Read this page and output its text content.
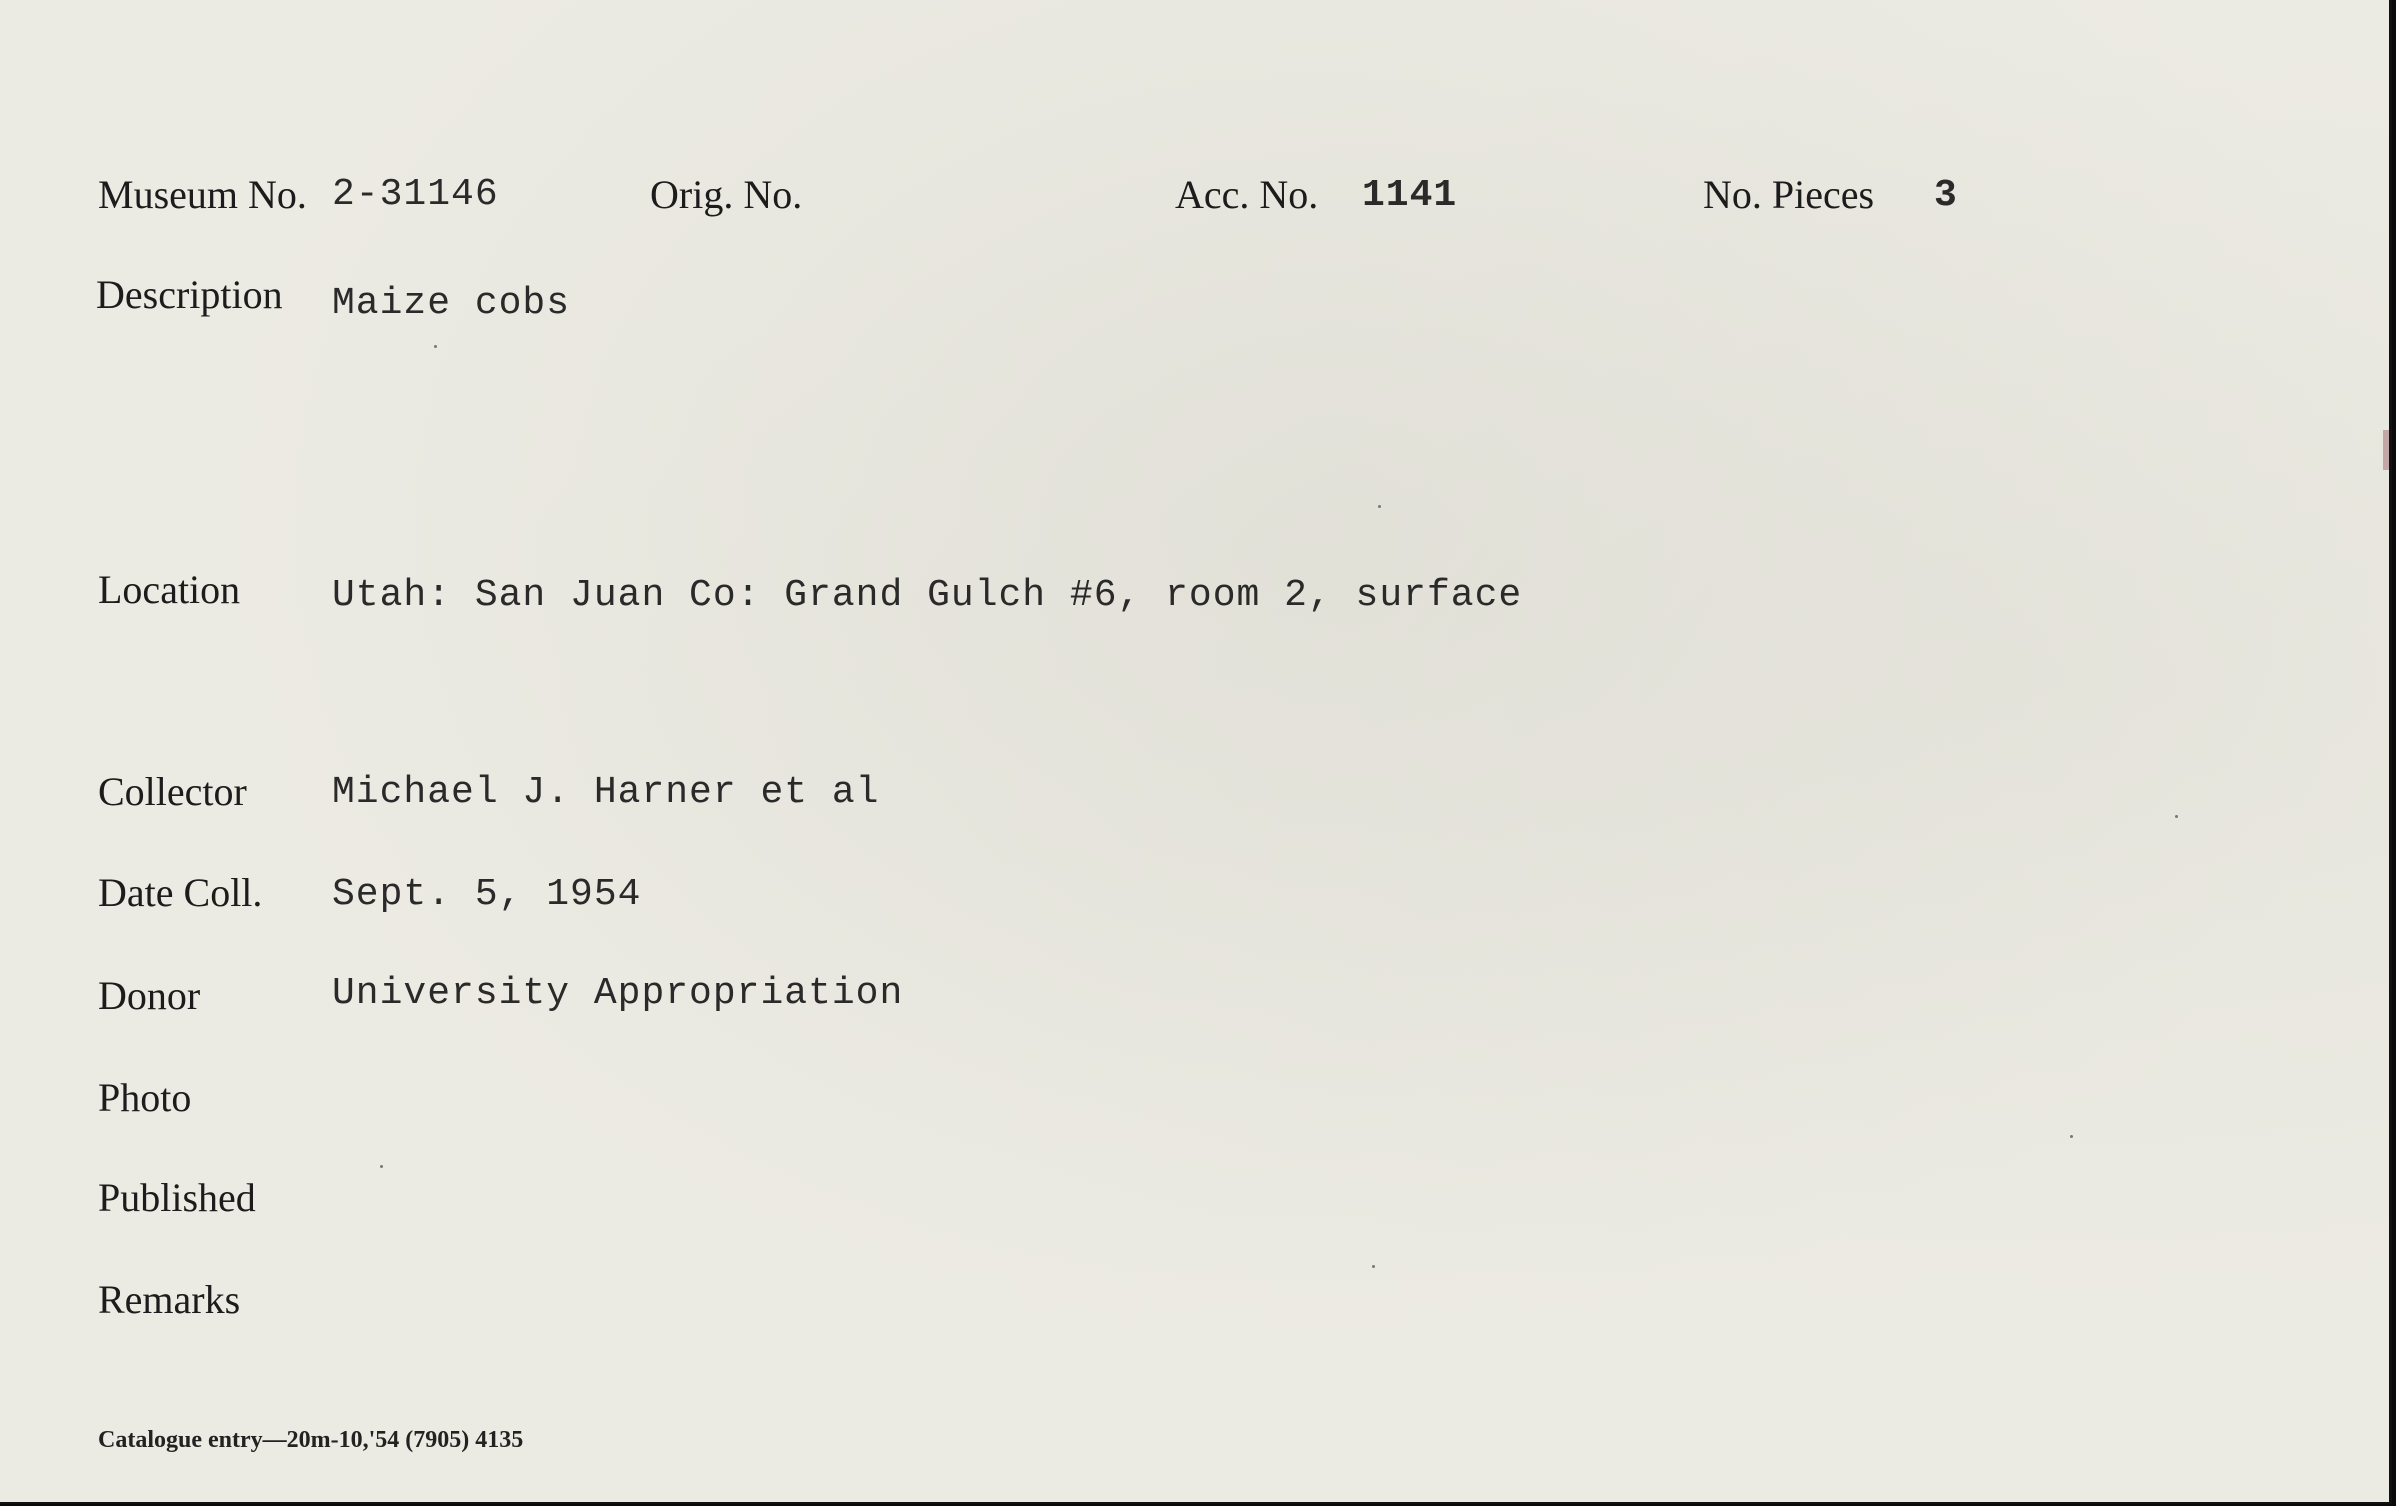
Museum No. 2-31146	Orig. No.	Acc. No. 1141	No. Pieces 3
Description Maize cobs
Location Utah: San Juan Co: Grand Gulch #6, room 2, surface
Collector Michael J. Harner et al
Date Coll. Sept. 5, 1954
Donor	University Appropriation
Photo
Published
Remarks
Catalogue entry—20m-10,'54 (7905) 4135
